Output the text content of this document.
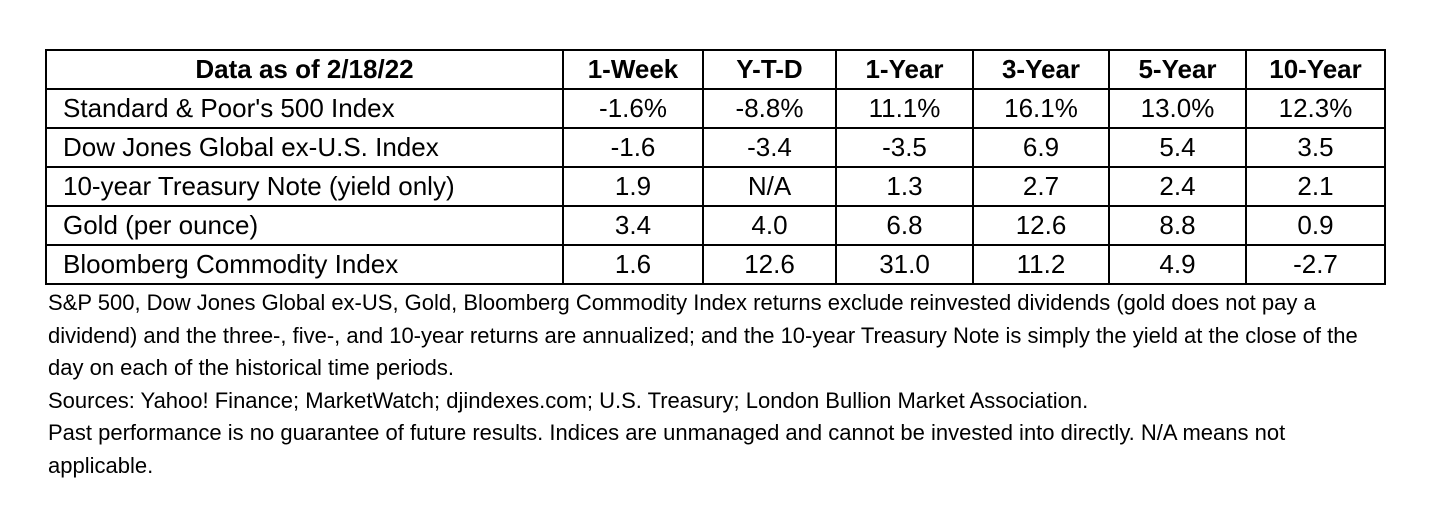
Data as of 2/18/22	1-Week	Y-T-D	1-Year	3-Year	5-Year	10-Year
Standard & Poor's 500 Index	-1.6%	-8.8%	11.1%	16.1%	13.0%	12.3%
Dow Jones Global ex-U.S. Index	-1.6	-3.4	-3.5	6.9	5.4	3.5
10-year Treasury Note (yield only)	1.9	N/A	1.3	2.7	2.4	2.1
Gold (per ounce)	3.4	4.0	6.8	12.6	8.8	0.9
Bloomberg Commodity Index	1.6	12.6	31.0	11.2	4.9	-2.7

S&P 500, Dow Jones Global ex-US, Gold, Bloomberg Commodity Index returns exclude reinvested dividends (gold does not pay a dividend) and the three-, five-, and 10-year returns are annualized; and the 10-year Treasury Note is simply the yield at the close of the day on each of the historical time periods.

Sources: Yahoo! Finance; MarketWatch; djindexes.com; U.S. Treasury; London Bullion Market Association.

Past performance is no guarantee of future results. Indices are unmanaged and cannot be invested into directly. N/A means not applicable.
